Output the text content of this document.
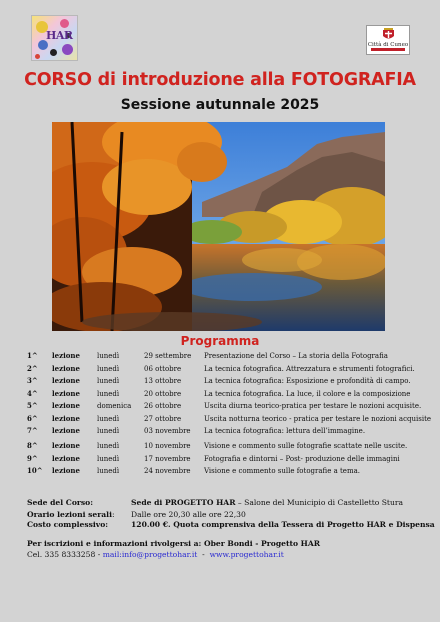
HAR
Città di Cuneo
CORSO di introduzione alla FOTOGRAFIA
Sessione autunnale 2025
Programma
1^ lezione lunedì	29 settembre Presentazione del Corso – La storia della Fotografia
2^ lezione lunedì	06 ottobre	La tecnica fotografica. Attrezzatura e strumenti fotografici.
3^ lezione lunedì	13 ottobre	La tecnica fotografica: Esposizione e profondità di campo.
4^ lezione lunedì	20 ottobre	La tecnica fotografica. La luce, il colore e la composizione
5^ lezione domenica 26 ottobre	Uscita diurna teorico-pratica per testare le nozioni acquisite.
6^ lezione lunedì	27 ottobre	Uscita notturna teorico - pratica per testare le nozioni acquisite
7^ lezione lunedì	03 novembre La tecnica fotografica: lettura dell’immagine.
8^ lezione lunedì	10 novembre Visione e commento sulle fotografie scattate nelle uscite.
9^ lezione lunedì	17 novembre Fotografia e dintorni – Post- produzione delle immagini
10^ lezione lunedì	24 novembre Visione e commento sulle fotografie a tema.
Sede del Corso:	Sede di PROGETTO HAR – Salone del Municipio di Castelletto Stura
Orario lezioni serali: Dalle ore 20,30 alle ore 22,30
Costo complessivo:	120.00 €. Quota comprensiva della Tessera di Progetto HAR e Dispensa
Per iscrizioni e informazioni rivolgersi a: Ober Bondi - Progetto HAR
Cel. 335 8333258 - mail:info@progettohar.it  -  www.progettohar.it
